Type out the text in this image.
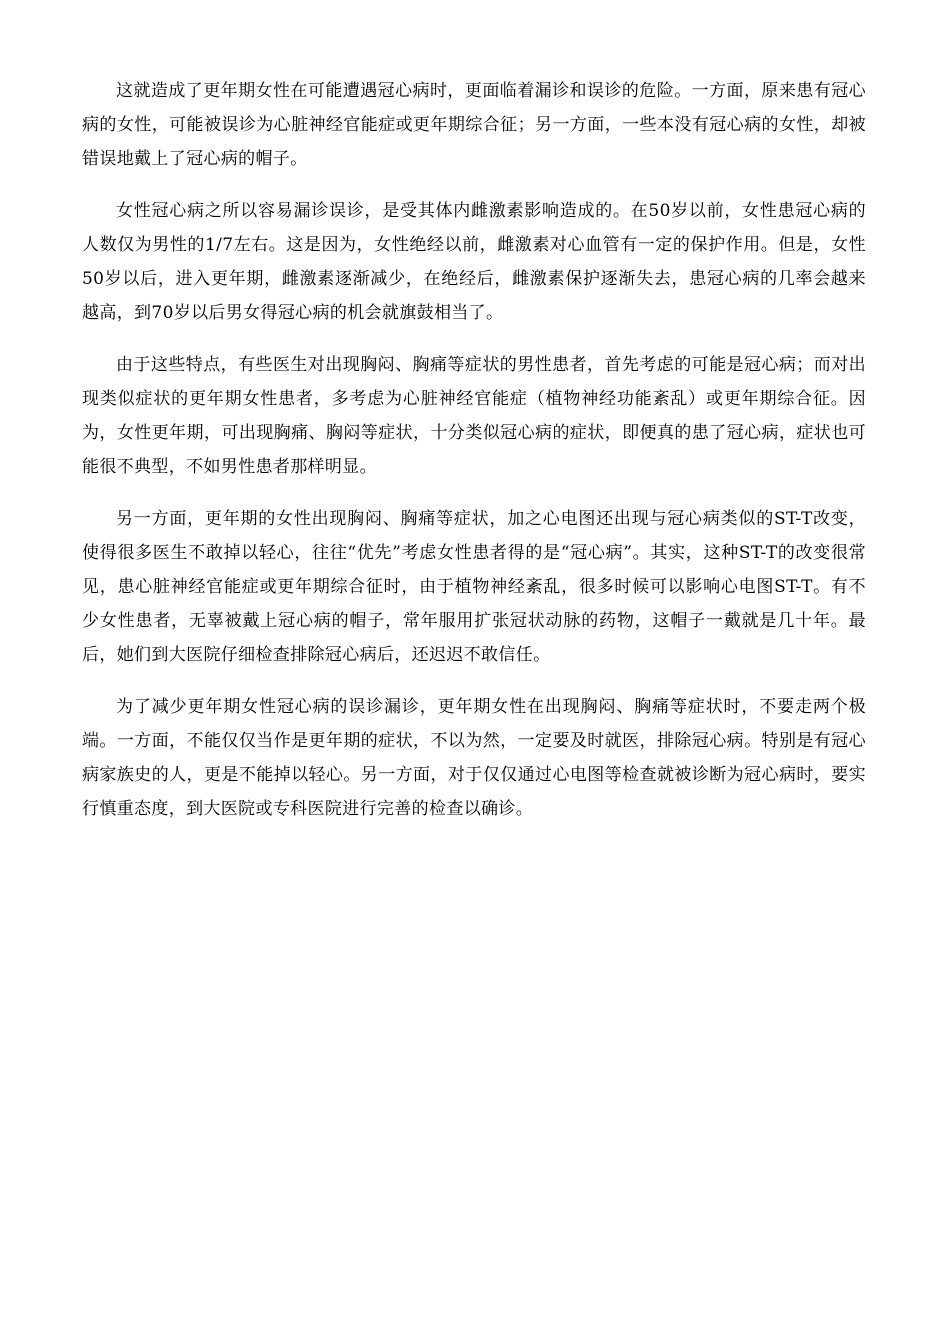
这就造成了更年期女性在可能遭遇冠心病时，更面临着漏诊和误诊的危险。一方面，原来患有冠心病的女性，可能被误诊为心脏神经官能症或更年期综合征；另一方面，一些本没有冠心病的女性，却被错误地戴上了冠心病的帽子。

女性冠心病之所以容易漏诊误诊，是受其体内雌激素影响造成的。在50岁以前，女性患冠心病的人数仅为男性的1/7左右。这是因为，女性绝经以前，雌激素对心血管有一定的保护作用。但是，女性50岁以后，进入更年期，雌激素逐渐减少，在绝经后，雌激素保护逐渐失去，患冠心病的几率会越来越高，到70岁以后男女得冠心病的机会就旗鼓相当了。

由于这些特点，有些医生对出现胸闷、胸痛等症状的男性患者，首先考虑的可能是冠心病；而对出现类似症状的更年期女性患者，多考虑为心脏神经官能症（植物神经功能紊乱）或更年期综合征。因为，女性更年期，可出现胸痛、胸闷等症状，十分类似冠心病的症状，即便真的患了冠心病，症状也可能很不典型，不如男性患者那样明显。

另一方面，更年期的女性出现胸闷、胸痛等症状，加之心电图还出现与冠心病类似的ST-T改变，使得很多医生不敢掉以轻心，往往“优先”考虑女性患者得的是“冠心病”。其实，这种ST-T的改变很常见，患心脏神经官能症或更年期综合征时，由于植物神经紊乱，很多时候可以影响心电图ST-T。有不少女性患者，无辜被戴上冠心病的帽子，常年服用扩张冠状动脉的药物，这帽子一戴就是几十年。最后，她们到大医院仔细检查排除冠心病后，还迟迟不敢信任。

为了减少更年期女性冠心病的误诊漏诊，更年期女性在出现胸闷、胸痛等症状时，不要走两个极端。一方面，不能仅仅当作是更年期的症状，不以为然，一定要及时就医，排除冠心病。特别是有冠心病家族史的人，更是不能掉以轻心。另一方面，对于仅仅通过心电图等检查就被诊断为冠心病时，要实行慎重态度，到大医院或专科医院进行完善的检查以确诊。
